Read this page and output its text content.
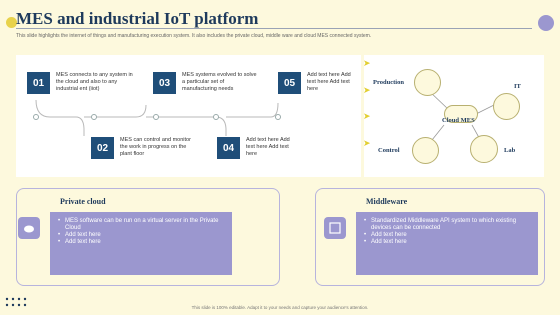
MES and industrial IoT platform
This slide highlights the internet of things and manufacturing execution system. It also includes the private cloud, middle ware and cloud MES connected system.
01
MES connects to any system in the cloud and also to any industrial ent (iiot)
03
MES systems evolved to solve a particular set of manufacturing needs
05
Add text here Add text here Add text here
02
MES can control and monitor the work in progress on the plant floor
04
Add text here Add text here Add text here
Production
IT
Cloud MES
Control	Lab
➤
➤
➤
➤
Private cloud
• MES software can be run on a virtual server in the Private Cloud
• Add text here
• Add text here
Middleware
• Standardized Middleware API system to which existing devices can be connected
• Add text here
• Add text here
This slide is 100% editable. Adapt it to your needs and capture your audience's attention.
